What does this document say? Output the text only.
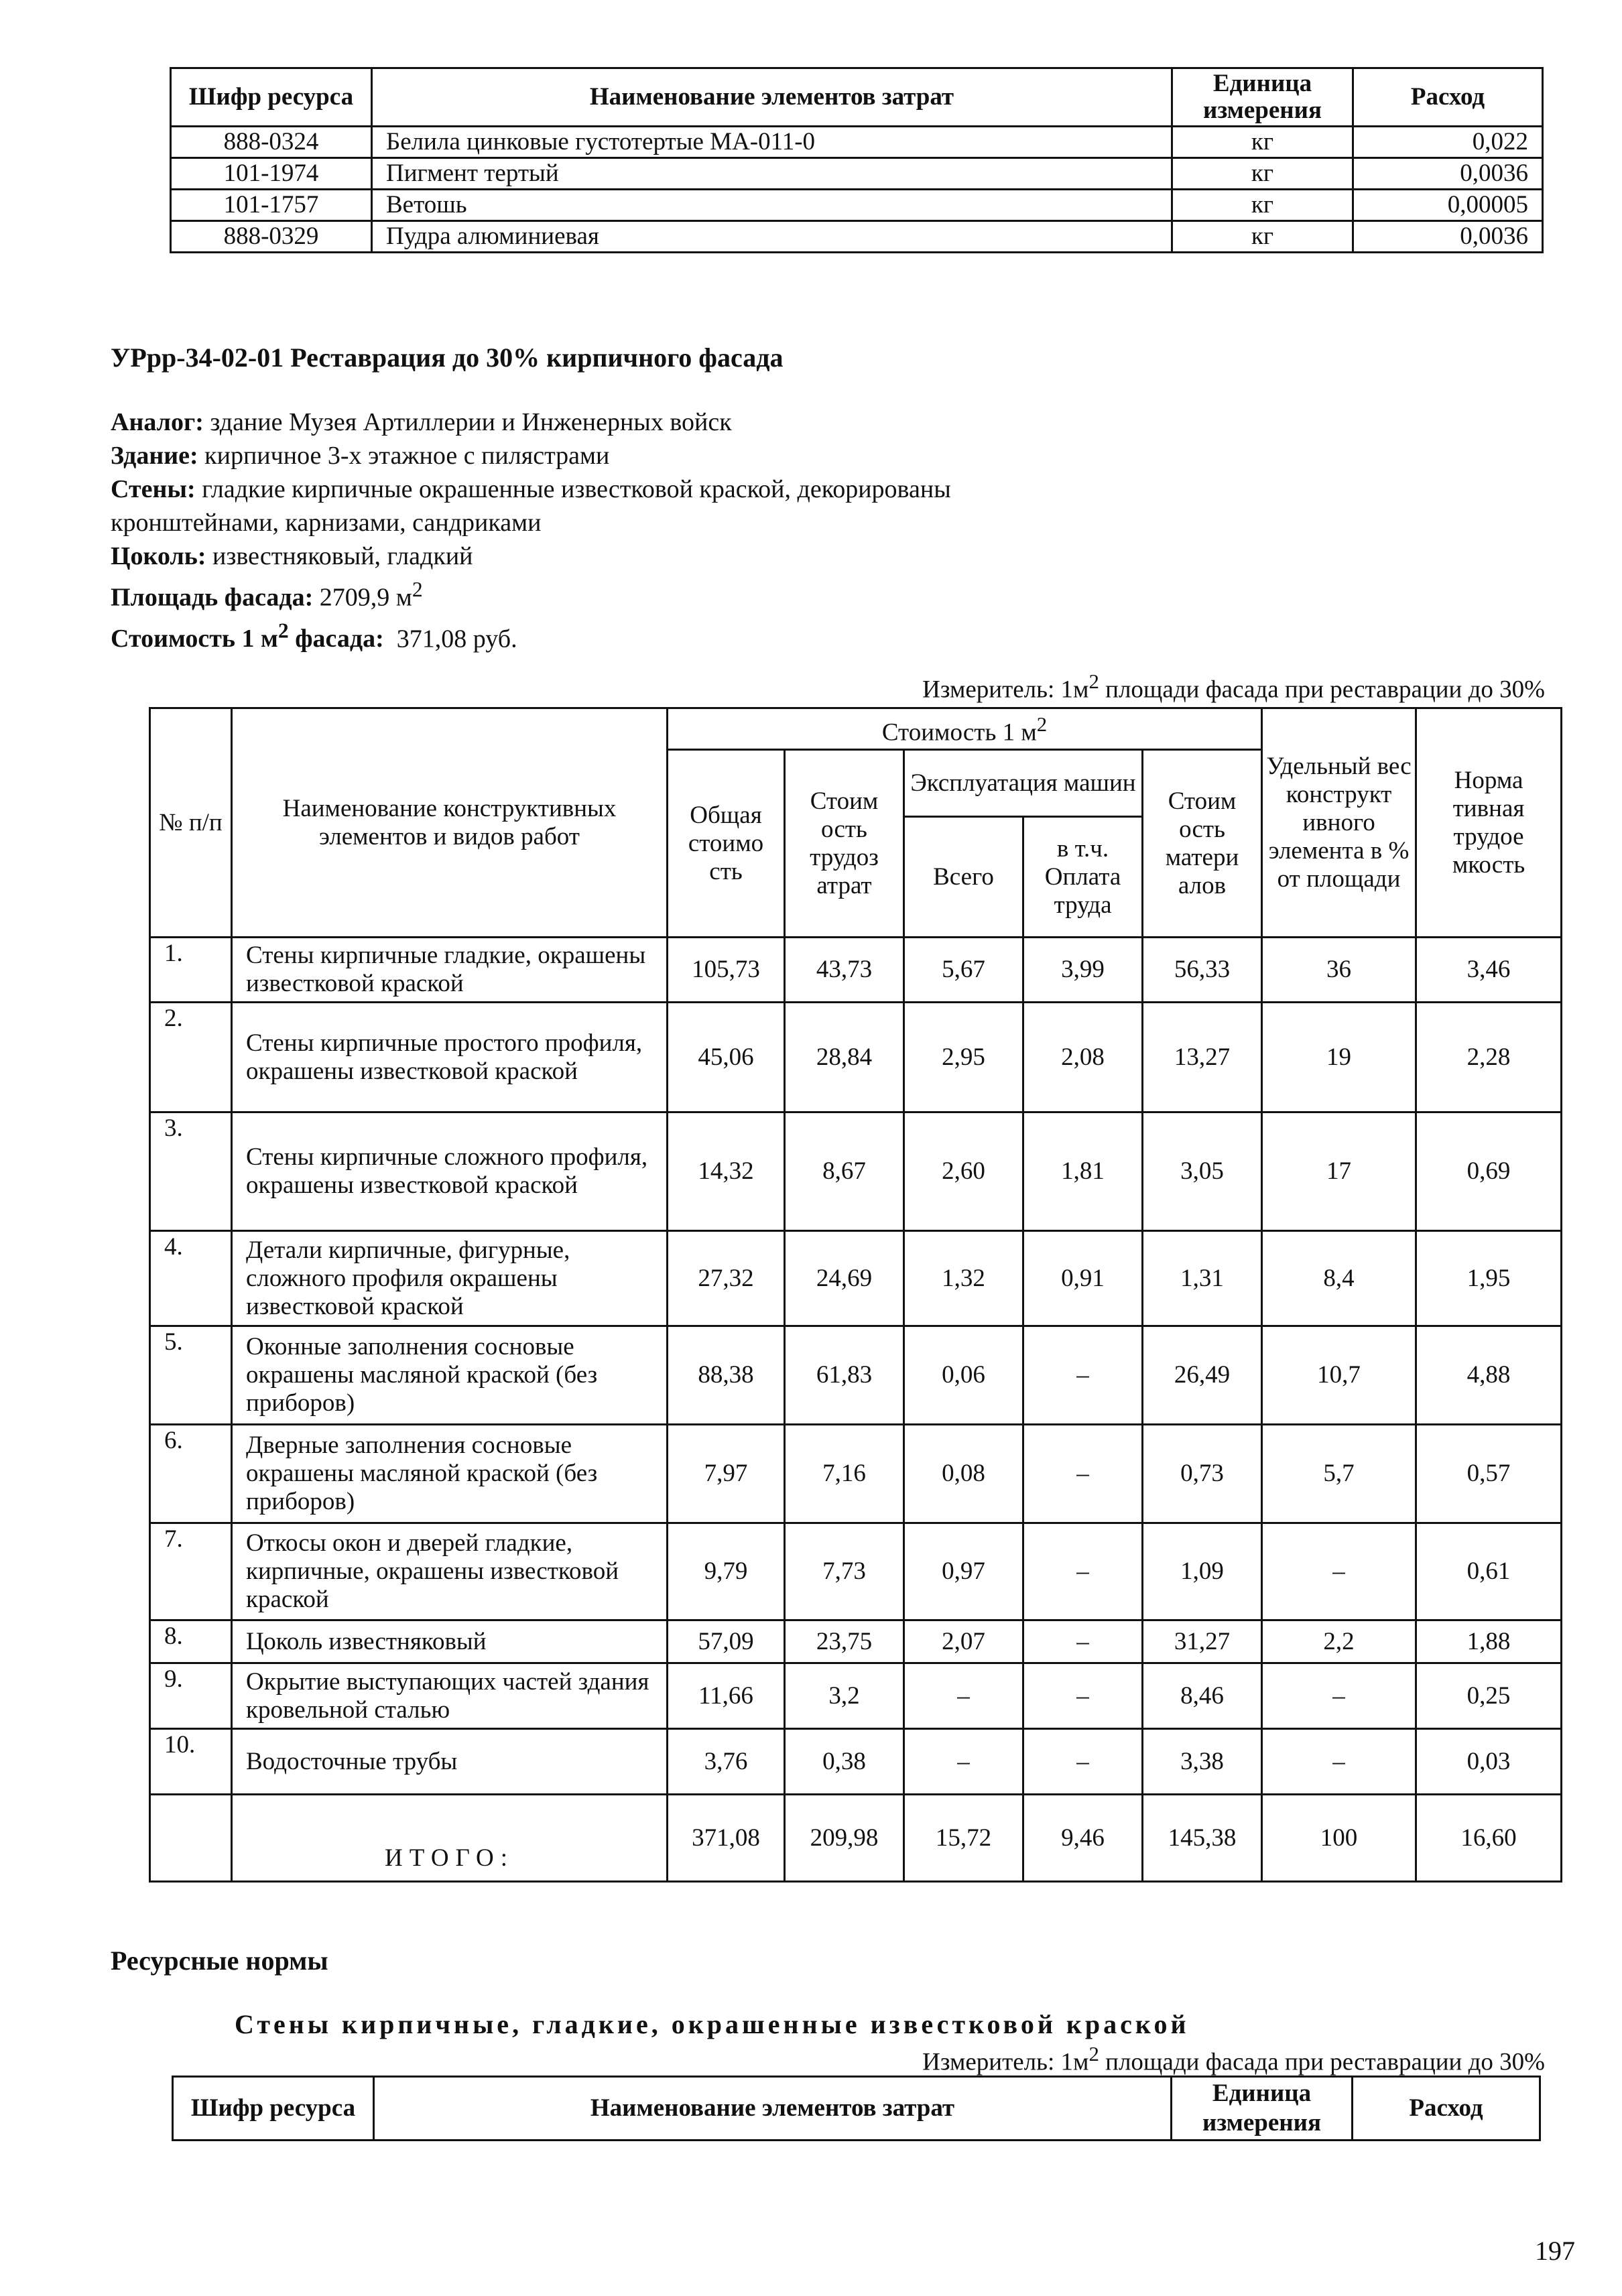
Шифр ресурса	Наименование элементов затрат	Единица измерения	Расход
888-0324	Белила цинковые густотертые МА-011-0	кг	0,022
101-1974	Пигмент тертый	кг	0,0036
101-1757	Ветошь	кг	0,00005
888-0329	Пудра алюминиевая	кг	0,0036
УРрр-34-02-01 Реставрация до 30% кирпичного фасада
Аналог: здание Музея Артиллерии и Инженерных войск
Здание: кирпичное 3-х этажное с пилястрами
Стены: гладкие кирпичные окрашенные известковой краской, декорированы
кронштейнами, карнизами, сандриками
Цоколь: известняковый, гладкий
Площадь фасада: 2709,9 $м^2$
Стоимость 1 $м^2$ фасада: 371,08 руб.
Измеритель: $1м^2$ площади фасада при реставрации до 30%
№ п/п	Наименование конструктивных элементов и видов работ	Стоимость 1 $м^2$					Удельный вес конструкт ивного элемента в % от площади	Норма тивная трудое мкость
		Общая стоимо сть	Стоим ость трудоз атрат	Эксплуатация машин		Стоим ость матери алов		
				Всего	в т.ч. Оплата труда			
1.	Стены кирпичные гладкие, окрашены известковой краской	105,73	43,73	5,67	3,99	56,33	36	3,46
2.	Стены кирпичные простого профиля, окрашены известковой краской	45,06	28,84	2,95	2,08	13,27	19	2,28
3.	Стены кирпичные сложного профиля, окрашены известковой краской	14,32	8,67	2,60	1,81	3,05	17	0,69
4.	Детали кирпичные, фигурные, сложного профиля окрашены известковой краской	27,32	24,69	1,32	0,91	1,31	8,4	1,95
5.	Оконные заполнения сосновые окрашены масляной краской (без приборов)	88,38	61,83	0,06	–	26,49	10,7	4,88
6.	Дверные заполнения сосновые окрашены масляной краской (без приборов)	7,97	7,16	0,08	–	0,73	5,7	0,57
7.	Откосы окон и дверей гладкие, кирпичные, окрашены известковой краской	9,79	7,73	0,97	–	1,09	–	0,61
8.	Цоколь известняковый	57,09	23,75	2,07	–	31,27	2,2	1,88
9.	Окрытие выступающих частей здания кровельной сталью	11,66	3,2	–	–	8,46	–	0,25
10.	Водосточные трубы	3,76	0,38	–	–	3,38	–	0,03
	ИТОГО:	371,08	209,98	15,72	9,46	145,38	100	16,60
Ресурсные нормы
Стены кирпичные, гладкие, окрашенные известковой краской
Измеритель: $1м^2$ площади фасада при реставрации до 30%
Шифр ресурса	Наименование элементов затрат	Единица измерения	Расход
197
